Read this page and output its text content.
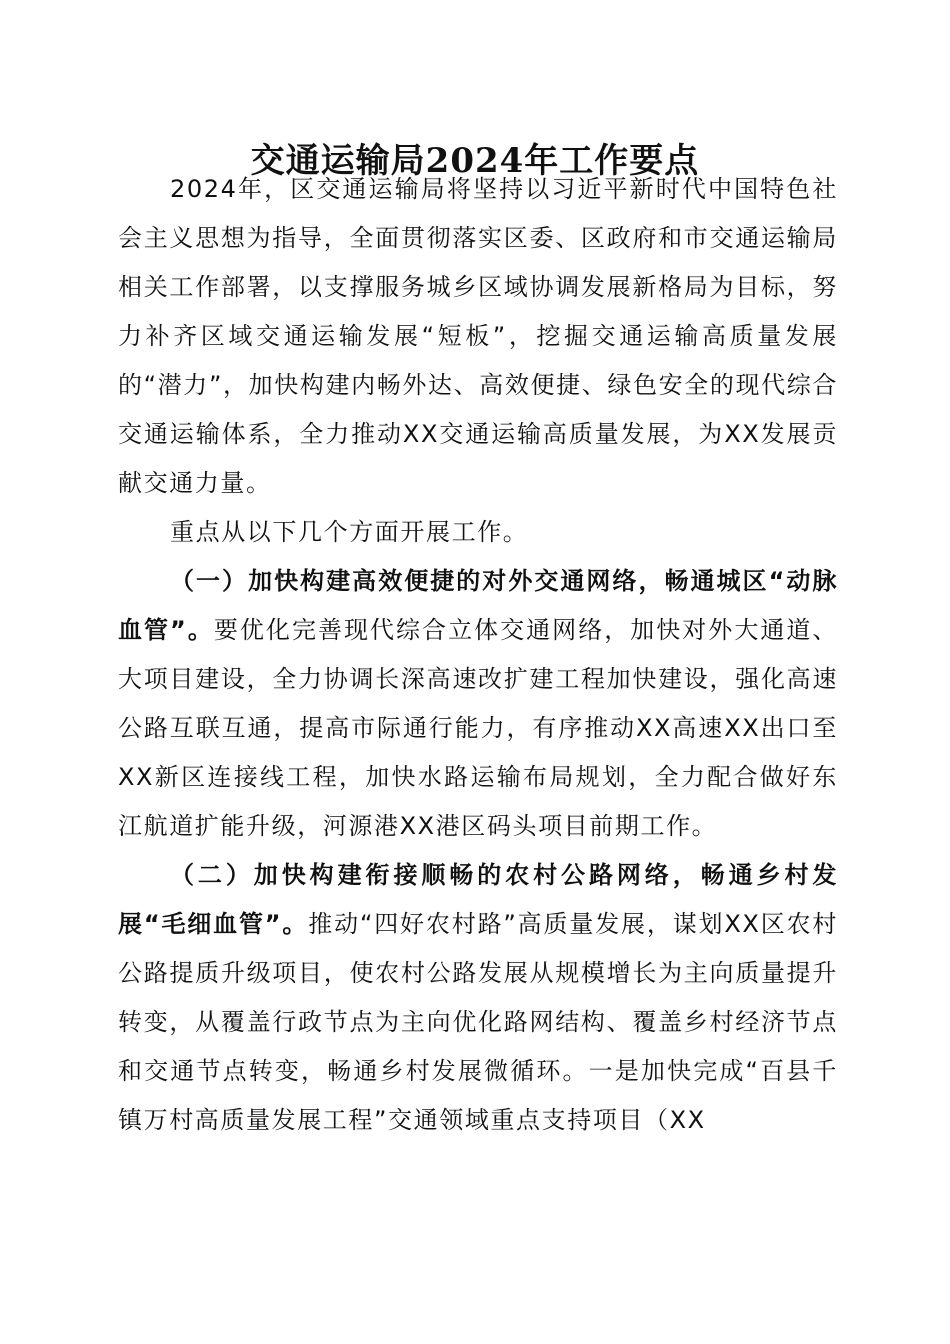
交通运输局2024年工作要点

2024年，区交通运输局将坚持以习近平新时代中国特色社会主义思想为指导，全面贯彻落实区委、区政府和市交通运输局相关工作部署，以支撑服务城乡区域协调发展新格局为目标，努力补齐区域交通运输发展“短板”，挖掘交通运输高质量发展的“潜力”，加快构建内畅外达、高效便捷、绿色安全的现代综合交通运输体系，全力推动XX交通运输高质量发展，为XX发展贡献交通力量。

重点从以下几个方面开展工作。

（一）加快构建高效便捷的对外交通网络，畅通城区“动脉血管”。要优化完善现代综合立体交通网络，加快对外大通道、大项目建设，全力协调长深高速改扩建工程加快建设，强化高速公路互联互通，提高市际通行能力，有序推动XX高速XX出口至XX新区连接线工程，加快水路运输布局规划，全力配合做好东江航道扩能升级，河源港XX港区码头项目前期工作。

（二）加快构建衔接顺畅的农村公路网络，畅通乡村发展“毛细血管”。推动“四好农村路”高质量发展，谋划XX区农村公路提质升级项目，使农村公路发展从规模增长为主向质量提升转变，从覆盖行政节点为主向优化路网结构、覆盖乡村经济节点和交通节点转变，畅通乡村发展微循环。一是加快完成“百县千镇万村高质量发展工程”交通领域重点支持项目（XX
